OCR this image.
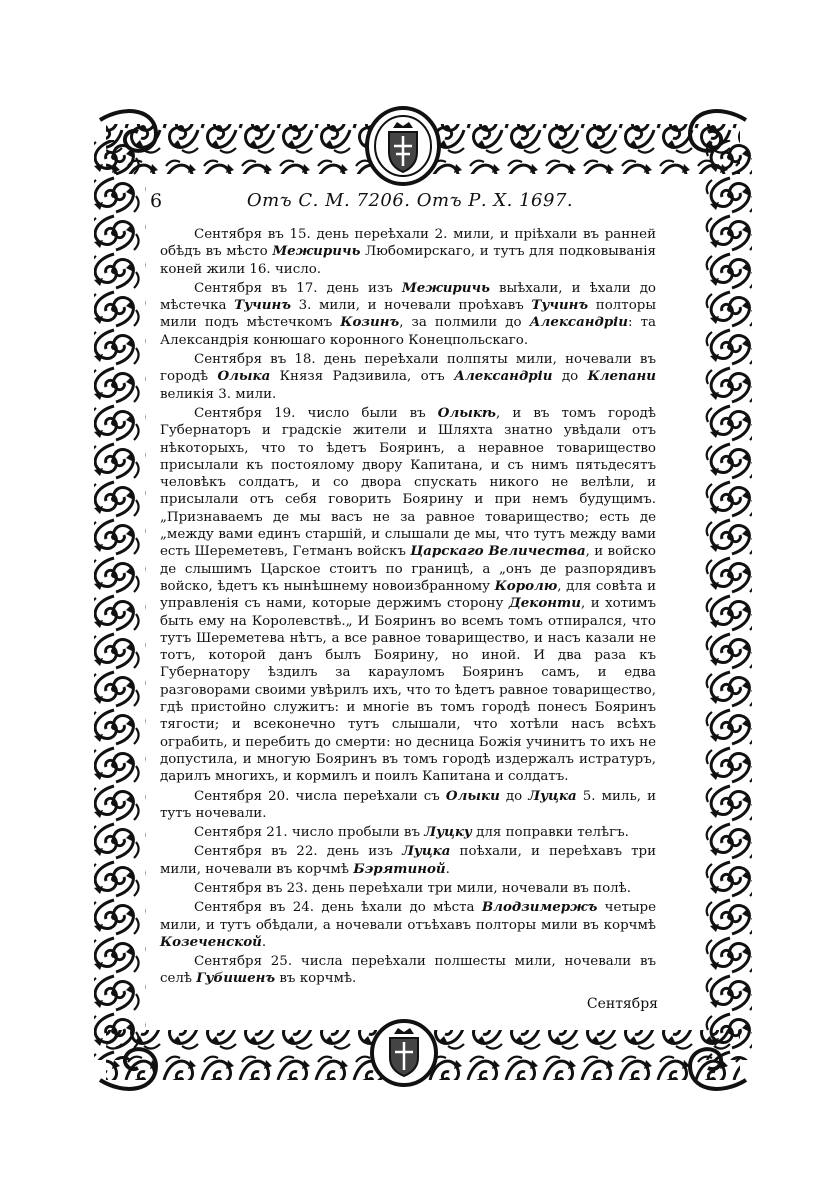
6	Отъ С. М. 7206. Отъ Р. Х. 1697.

Сентября въ 15. день переѣхали 2. мили, и пріѣхали въ ранней обѣдъ въ мѣсто Межиричь Любомирскаго, и тутъ для подковыванія коней жили 16. число.

Сентября въ 17. день изъ Межиричь выѣхали, и ѣхали до мѣстечка Тучинъ 3. мили, и ночевали проѣхавъ Тучинъ полторы мили подъ мѣстечкомъ Козинъ, за полмили до Александріи: та Александрія конюшаго коронного Конецпольскаго.

Сентября въ 18. день переѣхали полпяты мили, ночевали въ городѣ Олыка Князя Радзивила, отъ Александріи до Клепани великія 3. мили.

Сентября 19. число были въ Олыкѣ, и въ томъ городѣ Губернаторъ и градскіе жители и Шляхта знатно увѣдали отъ нѣкоторыхъ, что то ѣдетъ Бояринъ, а неравное товарищество присылали къ постоялому двору Капитана, и съ нимъ пятьдесятъ человѣкъ солдатъ, и со двора спускать никого не велѣли, и присылали отъ себя говорить Боярину и при немъ будущимъ. „Признаваемъ де мы васъ не за равное товарищество; есть де „между вами единъ старшій, и слышали де мы, что тутъ между вами есть Шереметевъ, Гетманъ войскъ Царскаго Величества, и войско де слышимъ Царское стоитъ по границѣ, а „онъ де разпорядивъ войско, ѣдетъ къ нынѣшнему новоизбранному Королю, для совѣта и управленія съ нами, которые держимъ сторону Деконти, и хотимъ быть ему на Королевствѣ.„ И Бояринъ во всемъ томъ отпирался, что тутъ Шереметева нѣтъ, а все равное товарищество, и насъ казали не тотъ, которой данъ былъ Боярину, но иной. И два раза къ Губернатору ѣздилъ за карауломъ Бояринъ самъ, и едва разговорами своими увѣрилъ ихъ, что то ѣдетъ равное товарищество, гдѣ пристойно служитъ: и многіе въ томъ городѣ понесъ Бояринъ тягости; и всеконечно тутъ слышали, что хотѣли насъ всѣхъ ограбить, и перебить до смерти: но десница Божія учинитъ то ихъ не допустила, и многую Бояринъ въ томъ городѣ издержалъ истратуръ, дарилъ многихъ, и кормилъ и поилъ Капитана и солдатъ.

Сентября 20. числа переѣхали съ Олыки до Луцка 5. миль, и тутъ ночевали.

Сентября 21. число пробыли въ Луцку для поправки телѣгъ.

Сентября въ 22. день изъ Луцка поѣхали, и переѣхавъ три мили, ночевали въ корчмѣ Бэрятиной.

Сентября въ 23. день переѣхали три мили, ночевали въ полѣ.

Сентября въ 24. день ѣхали до мѣста Влодзимержъ четыре мили, и тутъ обѣдали, а ночевали отъѣхавъ полторы мили въ корчмѣ Козеченской.

Сентября 25. числа переѣхали полшесты мили, ночевали въ селѣ Губишенъ въ корчмѣ.

Сентября
